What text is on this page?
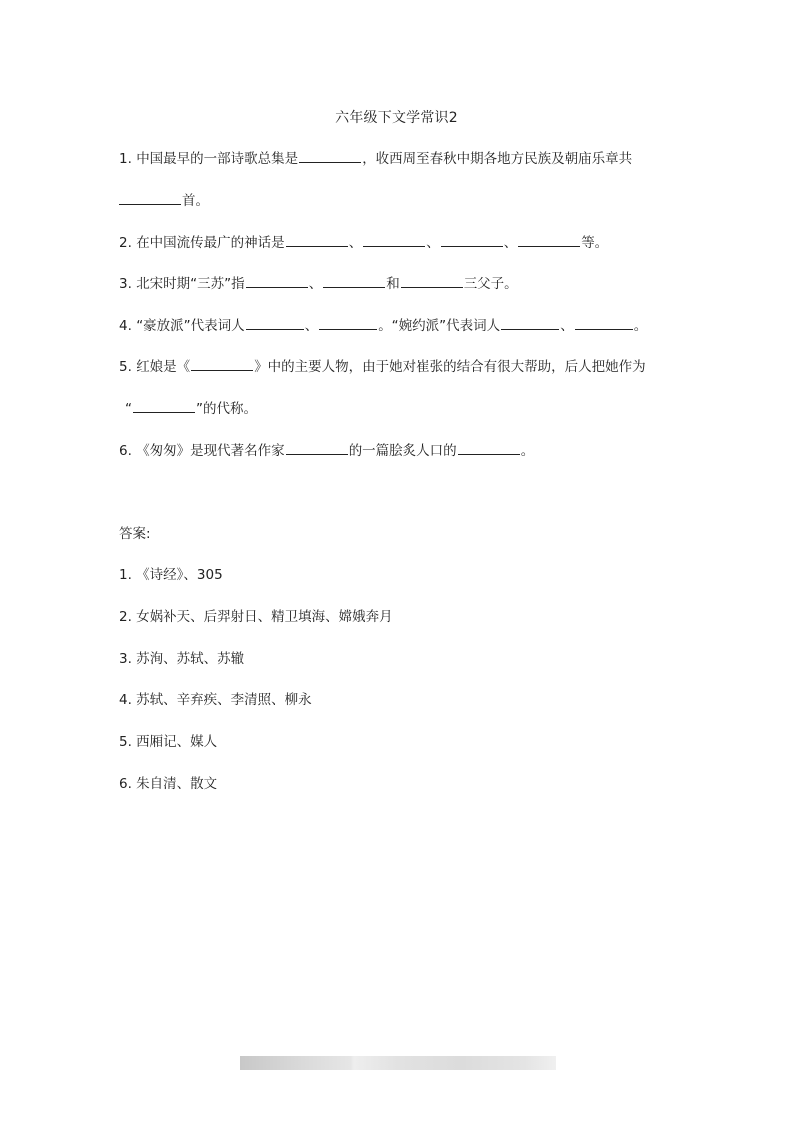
六年级下文学常识2
1. 中国最早的一部诗歌总集是	，收西周至春秋中期各地方民族及朝庙乐章共
首。
2. 在中国流传最广的神话是	、	、	、	等。
3. 北宋时期“三苏”指	、	和	三父子。
4. “豪放派”代表词人	、	。“婉约派”代表词人	、	。
5. 红娘是《	》中的主要人物，由于她对崔张的结合有很大帮助，后人把她作为
“	”的代称。
6. 《匆匆》是现代著名作家	的一篇脍炙人口的	。
答案:
1. 《诗经》、305
2. 女娲补天、后羿射日、精卫填海、嫦娥奔月
3. 苏洵、苏轼、苏辙
4. 苏轼、辛弃疾、李清照、柳永
5. 西厢记、媒人
6. 朱自清、散文
